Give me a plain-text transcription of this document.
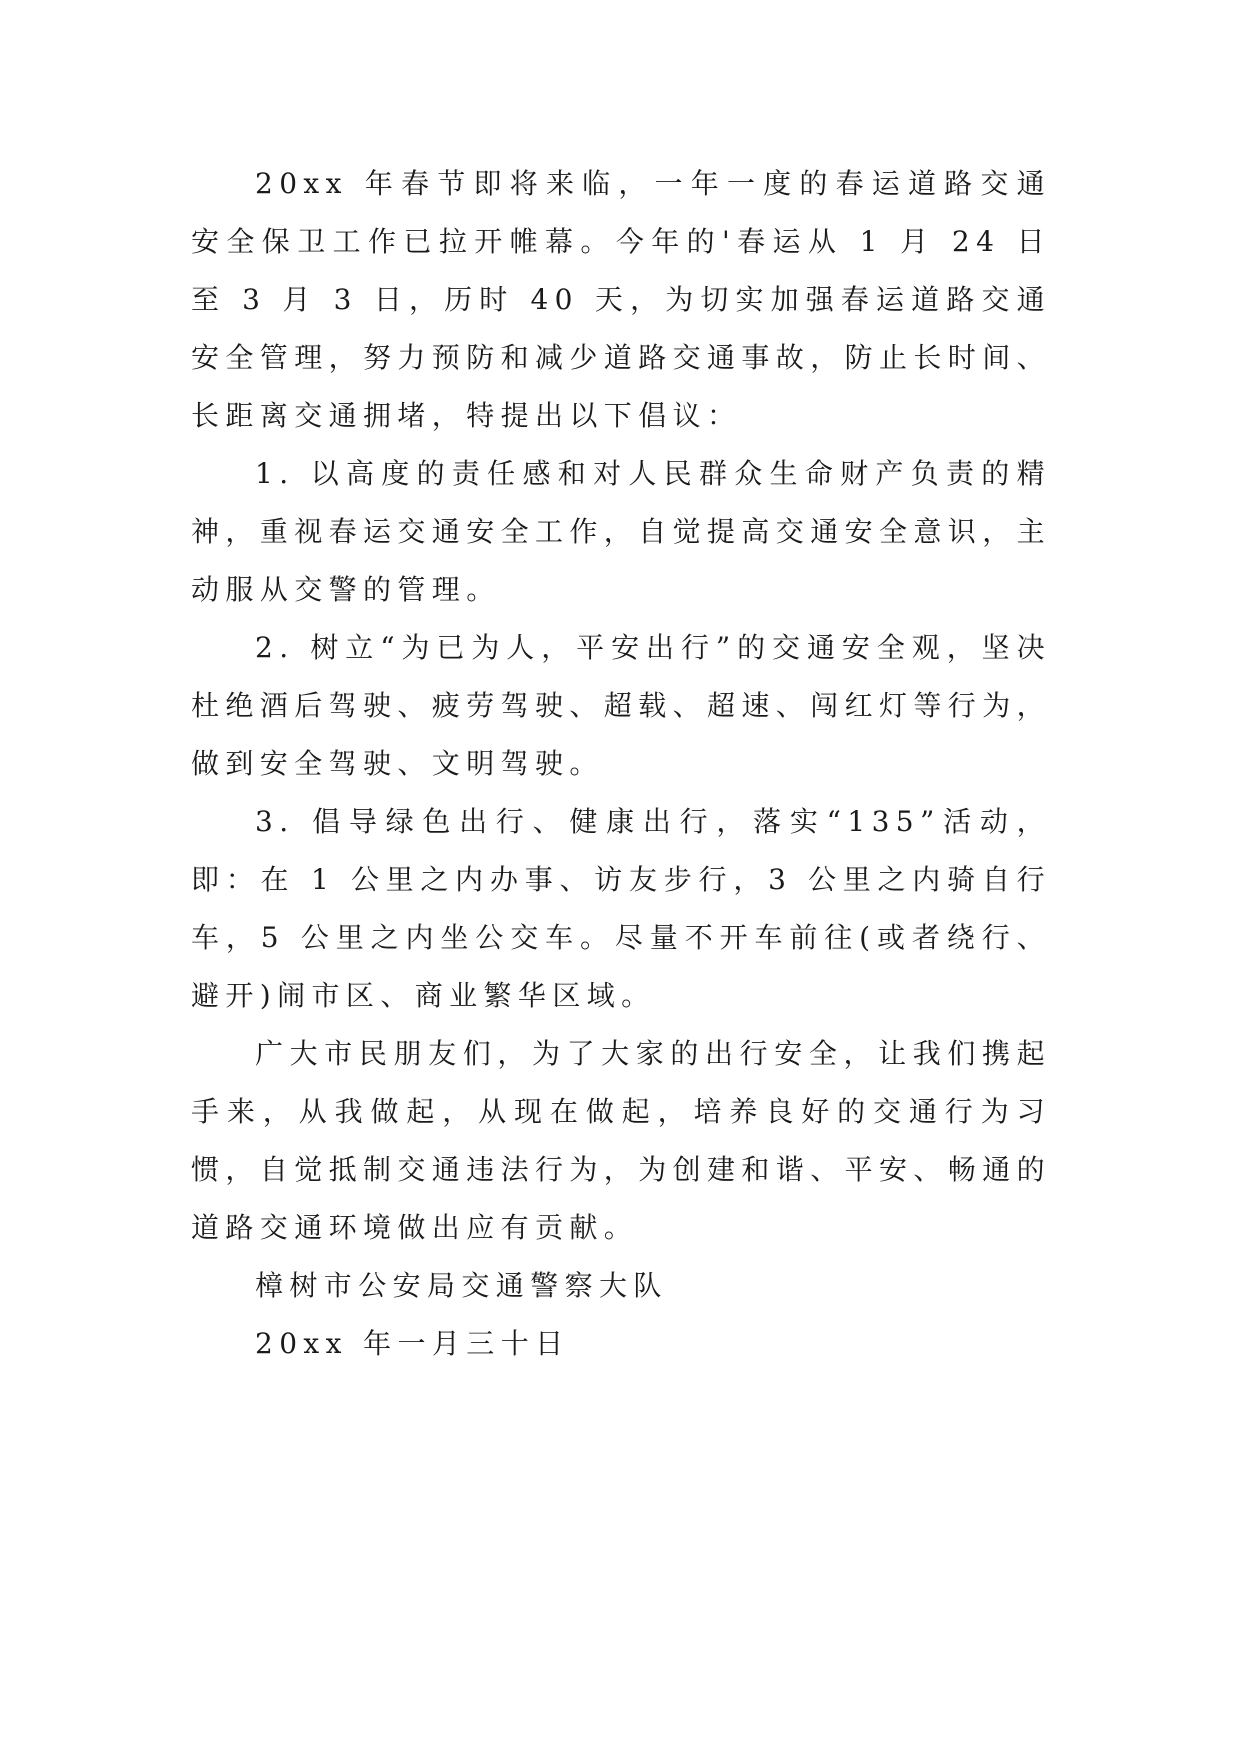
20xx 年春节即将来临，一年一度的春运道路交通安全保卫工作已拉开帷幕。今年的'春运从 1 月 24 日至 3 月 3 日，历时 40 天，为切实加强春运道路交通安全管理，努力预防和减少道路交通事故，防止长时间、长距离交通拥堵，特提出以下倡议：

1. 以高度的责任感和对人民群众生命财产负责的精神，重视春运交通安全工作，自觉提高交通安全意识，主动服从交警的管理。

2. 树立“为已为人，平安出行”的交通安全观，坚决杜绝酒后驾驶、疲劳驾驶、超载、超速、闯红灯等行为，做到安全驾驶、文明驾驶。

3. 倡导绿色出行、健康出行，落实“135”活动，即：在 1 公里之内办事、访友步行，3 公里之内骑自行车，5 公里之内坐公交车。尽量不开车前往(或者绕行、避开)闹市区、商业繁华区域。

广大市民朋友们，为了大家的出行安全，让我们携起手来，从我做起，从现在做起，培养良好的交通行为习惯，自觉抵制交通违法行为，为创建和谐、平安、畅通的道路交通环境做出应有贡献。

樟树市公安局交通警察大队

20xx 年一月三十日
